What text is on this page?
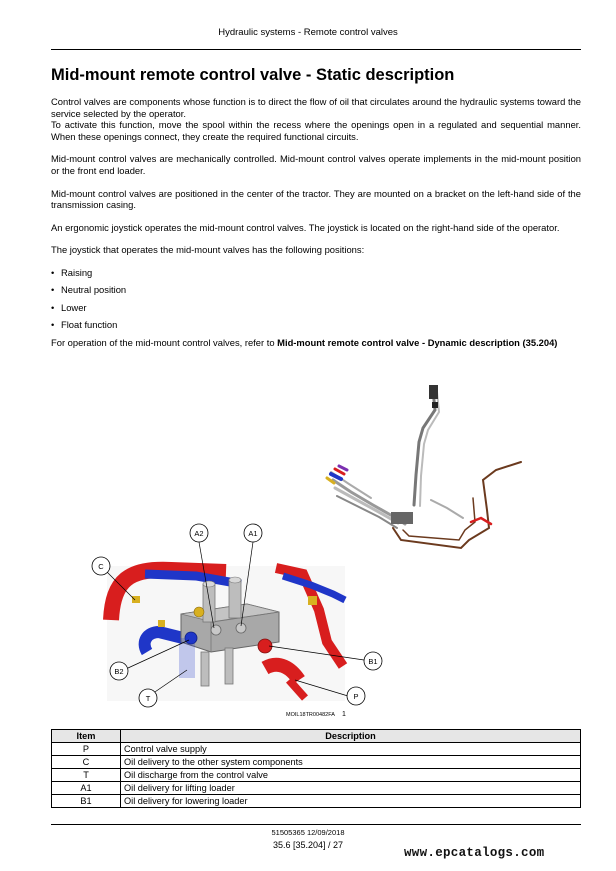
Hydraulic systems - Remote control valves
Mid-mount remote control valve - Static description

Control valves are components whose function is to direct the flow of oil that circulates around the hydraulic systems toward the service selected by the operator.

To activate this function, move the spool within the recess where the openings open in a regulated and sequential manner. When these openings connect, they create the required functional circuits.

Mid-mount control valves are mechanically controlled. Mid-mount control valves operate implements in the mid-mount position or the front end loader.

Mid-mount control valves are positioned in the center of the tractor. They are mounted on a bracket on the left-hand side of the transmission casing.

An ergonomic joystick operates the mid-mount control valves. The joystick is located on the right-hand side of the operator.

The joystick that operates the mid-mount valves has the following positions:

• Raising
• Neutral position
• Lower
• Float function

For operation of the mid-mount control valves, refer to Mid-mount remote control valve - Dynamic description (35.204)

A2	A1
C
B2
T
B1
P
MOIL18TR00482FA 1
Item	Description
P	Control valve supply
C	Oil delivery to the other system components
T	Oil discharge from the control valve
A1	Oil delivery for lifting loader
B1	Oil delivery for lowering loader
51505365 12/09/2018
35.6 [35.204] / 27
www.epcatalogs.com
